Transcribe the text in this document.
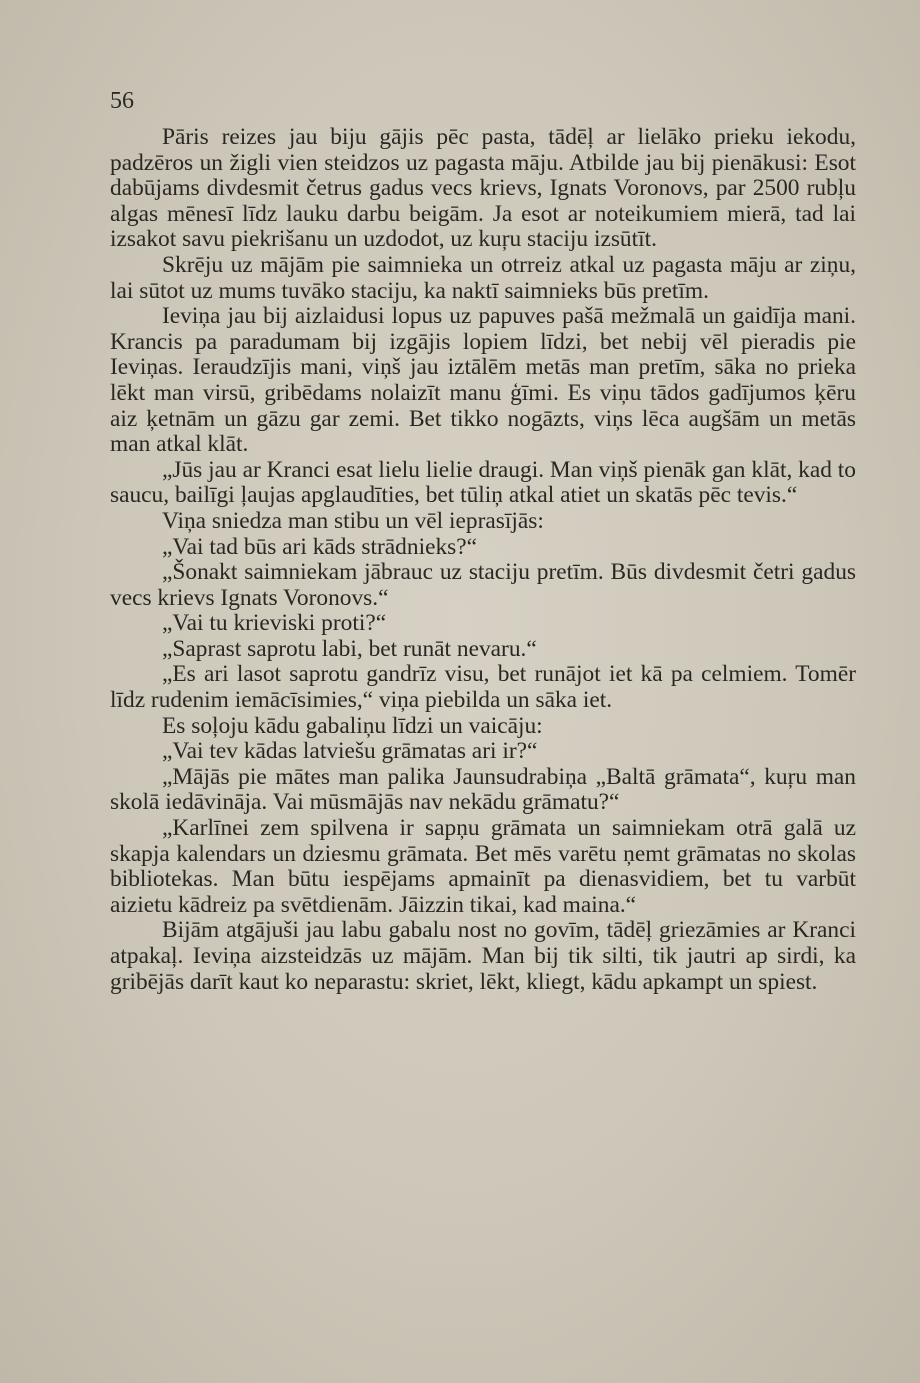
56

Pāris reizes jau biju gājis pēc pasta, tādēļ ar lielāko prieku iekodu, padzēros un žigli vien steidzos uz pagasta māju. Atbilde jau bij pienākusi: Esot dabūjams divdesmit četrus gadus vecs krievs, Ignats Voronovs, par 2500 rubļu algas mēnesī līdz lauku darbu beigām. Ja esot ar noteikumiem mierā, tad lai izsakot savu piekrišanu un uzdodot, uz kuŗu staciju izsūtīt.

Skrēju uz mājām pie saimnieka un otrreiz atkal uz pagasta māju ar ziņu, lai sūtot uz mums tuvāko staciju, ka naktī saimnieks būs pretīm.

Ieviņa jau bij aizlaidusi lopus uz papuves pašā mežmalā un gaidīja mani. Krancis pa paradumam bij izgājis lopiem līdzi, bet nebij vēl pieradis pie Ieviņas. Ieraudzījis mani, viņš jau iztālēm metās man pretīm, sāka no prieka lēkt man virsū, gribēdams nolaizīt manu ģīmi. Es viņu tādos gadījumos ķēru aiz ķetnām un gāzu gar zemi. Bet tikko nogāzts, viņs lēca augšām un metās man atkal klāt.

„Jūs jau ar Kranci esat lielu lielie draugi. Man viņš pienāk gan klāt, kad to saucu, bailīgi ļaujas apglaudīties, bet tūliņ atkal atiet un skatās pēc tevis.“

Viņa sniedza man stibu un vēl ieprasījās:

„Vai tad būs ari kāds strādnieks?“

„Šonakt saimniekam jābrauc uz staciju pretīm. Būs divdesmit četri gadus vecs krievs Ignats Voronovs.“

„Vai tu krieviski proti?“

„Saprast saprotu labi, bet runāt nevaru.“

„Es ari lasot saprotu gandrīz visu, bet runājot iet kā pa celmiem. Tomēr līdz rudenim iemācīsimies,“ viņa piebilda un sāka iet.

Es soļoju kādu gabaliņu līdzi un vaicāju:

„Vai tev kādas latviešu grāmatas ari ir?“

„Mājās pie mātes man palika Jaunsudrabiņa „Baltā grāmata“, kuŗu man skolā iedāvināja. Vai mūsmājās nav nekādu grāmatu?“

„Karlīnei zem spilvena ir sapņu grāmata un saimniekam otrā galā uz skapja kalendars un dziesmu grāmata. Bet mēs varētu ņemt grāmatas no skolas bibliotekas. Man būtu iespējams apmainīt pa dienasvidiem, bet tu varbūt aizietu kādreiz pa svētdienām. Jāizzin tikai, kad maina.“

Bijām atgājuši jau labu gabalu nost no govīm, tādēļ griezāmies ar Kranci atpakaļ. Ieviņa aizsteidzās uz mājām. Man bij tik silti, tik jautri ap sirdi, ka gribējās darīt kaut ko neparastu: skriet, lēkt, kliegt, kādu apkampt un spiest.
